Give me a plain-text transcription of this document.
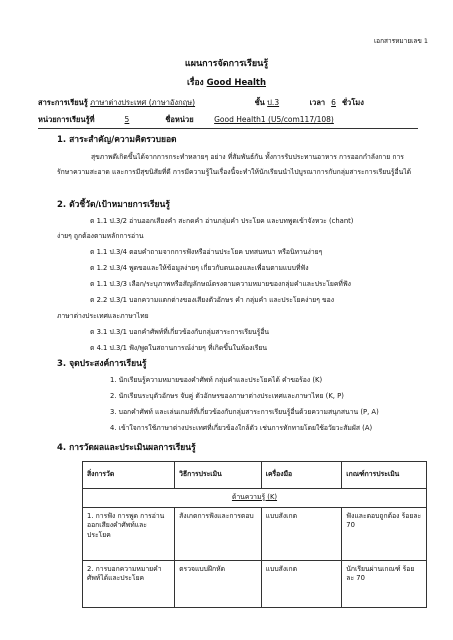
เอกสารหมายเลข 1
แผนการจัดการเรียนรู้
เรื่อง Good Health
สาระการเรียนรู้ ภาษาต่างประเทศ (ภาษาอังกฤษ)	ชั้น ป.3	เวลา 6 ชั่วโมง
หน่วยการเรียนรู้ที่	5	ชื่อหน่วย	Good Health1 (U5/com117/108)
1. สาระสำคัญ/ความคิดรวบยอด
สุขภาพดีเกิดขึ้นได้จากการกระทำหลายๆ อย่าง ที่สัมพันธ์กัน ทั้งการรับประทานอาหาร การออกกำลังกาย การรักษาความสะอาด และการมีสุขนิสัยที่ดี การมีความรู้ในเรื่องนี้จะทำให้นักเรียนนำไปบูรณาการกับกลุ่มสาระการเรียนรู้อื่นได้
2. ตัวชี้วัด/เป้าหมายการเรียนรู้
ต 1.1 ป.3/2 อ่านออกเสียงคำ สะกดคำ อ่านกลุ่มคำ ประโยค และบทพูดเข้าจังหวะ (chant)
ง่ายๆ ถูกต้องตามหลักการอ่าน
ต 1.1 ป.3/4 ตอบคำถามจากการฟังหรืออ่านประโยค บทสนทนา หรือนิทานง่ายๆ
ต 1.2 ป.3/4 พูดขอและให้ข้อมูลง่ายๆ เกี่ยวกับตนเองและเพื่อนตามแบบที่ฟัง
ต 1.1 ป.3/3 เลือก/ระบุภาพหรือสัญลักษณ์ตรงตามความหมายของกลุ่มคำและประโยคที่ฟัง
ต 2.2 ป.3/1 บอกความแตกต่างของเสียงตัวอักษร คำ กลุ่มคำ และประโยคง่ายๆ ของ
ภาษาต่างประเทศและภาษาไทย
ต 3.1 ป.3/1 บอกคำศัพท์ที่เกี่ยวข้องกับกลุ่มสาระการเรียนรู้อื่น
ต 4.1 ป.3/1 ฟัง/พูดในสถานการณ์ง่ายๆ ที่เกิดขึ้นในห้องเรียน
3. จุดประสงค์การเรียนรู้
1. นักเรียนรู้ความหมายของคำศัพท์ กลุ่มคำและประโยคได้ คำขอร้อง (K)
2. นักเรียนระบุตัวอักษร จับคู่ ตัวอักษรของภาษาต่างประเทศและภาษาไทย (K, P)
3. บอกคำศัพท์ และเล่นเกมส์ที่เกี่ยวข้องกับกลุ่มสาระการเรียนรู้อื่นด้วยความสนุกสนาน (P, A)
4. เข้าใจการใช้ภาษาต่างประเทศที่เกี่ยวข้องใกล้ตัว เช่นการทักทายโดยใช้อวัยวะสัมผัส (A)
4. การวัดผลและประเมินผลการเรียนรู้
สิ่งการวัด	วิธีการประเมิน	เครื่องมือ	เกณฑ์การประเมิน
ด้านความรู้ (K)			
1. การฟัง การพูด การอ่านออกเสียงคำศัพท์และประโยค	สังเกตการฟังและการตอบ	แบบสังเกต	ฟังและตอบถูกต้อง ร้อยละ 70
2. การบอกความหมายคำศัพท์ได้และประโยค	ตรวจแบบฝึกหัด	แบบสังเกต	นักเรียนผ่านเกณฑ์ ร้อยละ 70
